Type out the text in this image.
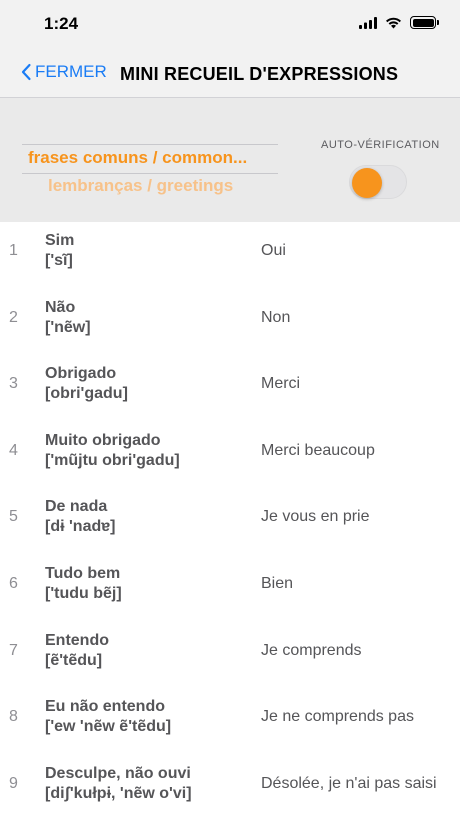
1:24
FERMER MINI RECUEIL D'EXPRESSIONS
frases comuns / common...
lembranças / greetings
AUTO-VÉRIFICATION
1
Sim
['sĩ]
Oui
2
Não
['nẽw]
Non
3
Obrigado
[obri'gadu]
Merci
4
Muito obrigado
['mũjtu obri'gadu]
Merci beaucoup
5
De nada
[dɨ 'nadɐ]
Je vous en prie
6
Tudo bem
['tudu bẽj]
Bien
7
Entendo
[ẽ'tẽdu]
Je comprends
8
Eu não entendo
['ew 'nẽw ẽ'tẽdu]
Je ne comprends pas
9
Desculpe, não ouvi
[diʃ'kułpɨ, 'nẽw o'vi]
Désolée, je n'ai pas saisi
